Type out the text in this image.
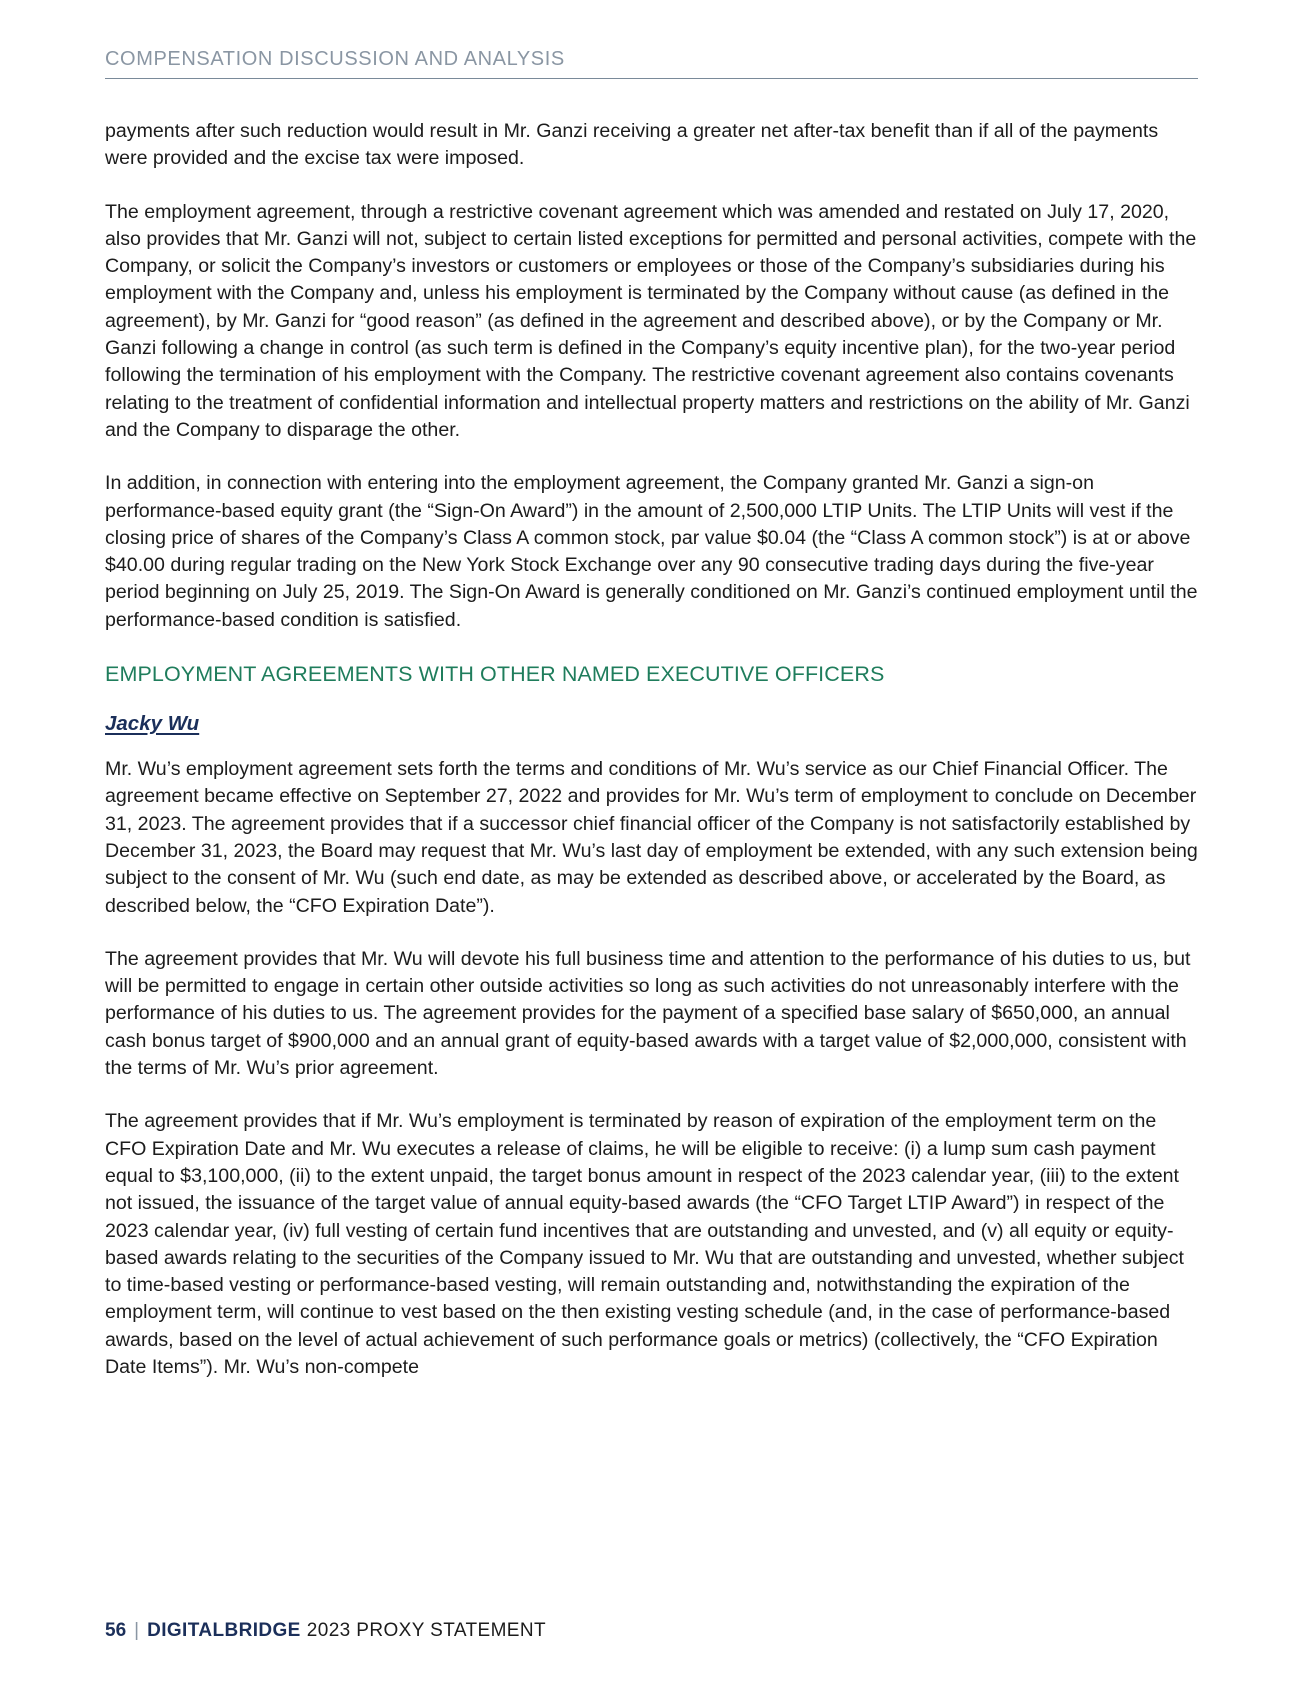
COMPENSATION DISCUSSION AND ANALYSIS

payments after such reduction would result in Mr. Ganzi receiving a greater net after-tax benefit than if all of the payments were provided and the excise tax were imposed.

The employment agreement, through a restrictive covenant agreement which was amended and restated on July 17, 2020, also provides that Mr. Ganzi will not, subject to certain listed exceptions for permitted and personal activities, compete with the Company, or solicit the Company’s investors or customers or employees or those of the Company’s subsidiaries during his employment with the Company and, unless his employment is terminated by the Company without cause (as defined in the agreement), by Mr. Ganzi for “good reason” (as defined in the agreement and described above), or by the Company or Mr. Ganzi following a change in control (as such term is defined in the Company’s equity incentive plan), for the two-year period following the termination of his employment with the Company. The restrictive covenant agreement also contains covenants relating to the treatment of confidential information and intellectual property matters and restrictions on the ability of Mr. Ganzi and the Company to disparage the other.

In addition, in connection with entering into the employment agreement, the Company granted Mr. Ganzi a sign-on performance-based equity grant (the “Sign-On Award”) in the amount of 2,500,000 LTIP Units. The LTIP Units will vest if the closing price of shares of the Company’s Class A common stock, par value $0.04 (the “Class A common stock”) is at or above $40.00 during regular trading on the New York Stock Exchange over any 90 consecutive trading days during the five-year period beginning on July 25, 2019. The Sign-On Award is generally conditioned on Mr. Ganzi’s continued employment until the performance-based condition is satisfied.

EMPLOYMENT AGREEMENTS WITH OTHER NAMED EXECUTIVE OFFICERS
Jacky Wu

Mr. Wu’s employment agreement sets forth the terms and conditions of Mr. Wu’s service as our Chief Financial Officer. The agreement became effective on September 27, 2022 and provides for Mr. Wu’s term of employment to conclude on December 31, 2023. The agreement provides that if a successor chief financial officer of the Company is not satisfactorily established by December 31, 2023, the Board may request that Mr. Wu’s last day of employment be extended, with any such extension being subject to the consent of Mr. Wu (such end date, as may be extended as described above, or accelerated by the Board, as described below, the “CFO Expiration Date”).

The agreement provides that Mr. Wu will devote his full business time and attention to the performance of his duties to us, but will be permitted to engage in certain other outside activities so long as such activities do not unreasonably interfere with the performance of his duties to us. The agreement provides for the payment of a specified base salary of $650,000, an annual cash bonus target of $900,000 and an annual grant of equity-based awards with a target value of $2,000,000, consistent with the terms of Mr. Wu’s prior agreement.

The agreement provides that if Mr. Wu’s employment is terminated by reason of expiration of the employment term on the CFO Expiration Date and Mr. Wu executes a release of claims, he will be eligible to receive: (i) a lump sum cash payment equal to $3,100,000, (ii) to the extent unpaid, the target bonus amount in respect of the 2023 calendar year, (iii) to the extent not issued, the issuance of the target value of annual equity-based awards (the “CFO Target LTIP Award”) in respect of the 2023 calendar year, (iv) full vesting of certain fund incentives that are outstanding and unvested, and (v) all equity or equity-based awards relating to the securities of the Company issued to Mr. Wu that are outstanding and unvested, whether subject to time-based vesting or performance-based vesting, will remain outstanding and, notwithstanding the expiration of the employment term, will continue to vest based on the then existing vesting schedule (and, in the case of performance-based awards, based on the level of actual achievement of such performance goals or metrics) (collectively, the “CFO Expiration Date Items”). Mr. Wu’s non-compete

56 | DIGITALBRIDGE 2023 PROXY STATEMENT
